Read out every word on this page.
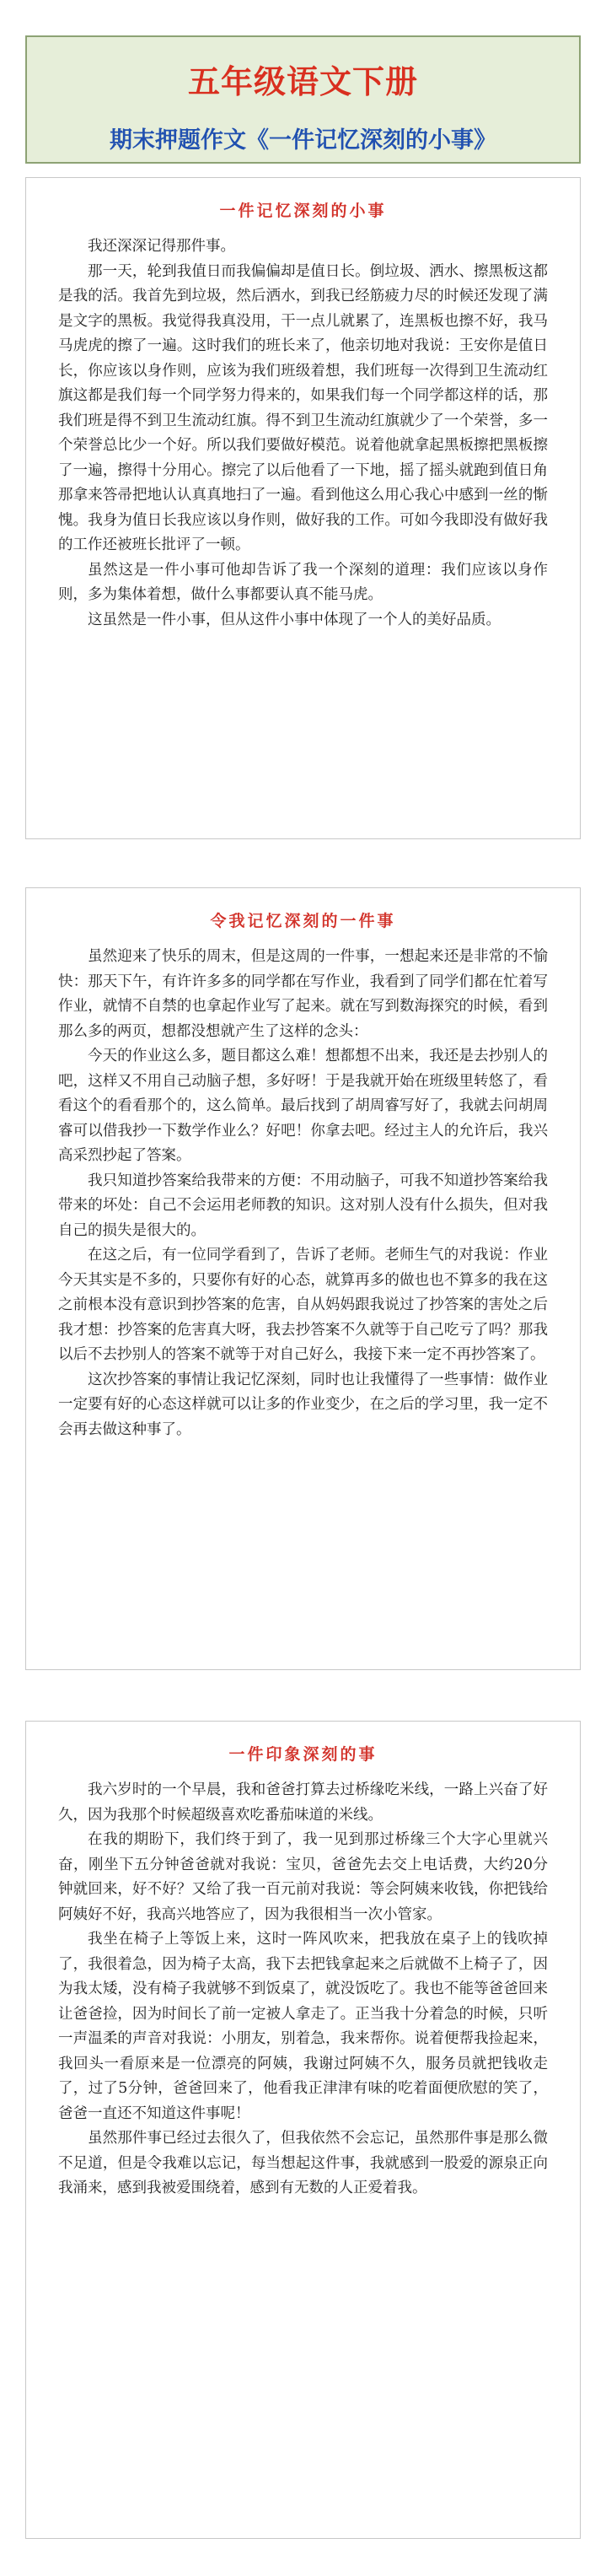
五年级语文下册
期末押题作文《一件记忆深刻的小事》
一件记忆深刻的小事

我还深深记得那件事。

那一天，轮到我值日而我偏偏却是值日长。倒垃圾、洒水、擦黑板这都是我的活。我首先到垃圾，然后洒水，到我已经筋疲力尽的时候还发现了满是文字的黑板。我觉得我真没用，干一点儿就累了，连黑板也擦不好，我马马虎虎的擦了一遍。这时我们的班长来了，他亲切地对我说：王安你是值日长，你应该以身作则，应该为我们班级着想，我们班每一次得到卫生流动红旗这都是我们每一个同学努力得来的，如果我们每一个同学都这样的话，那我们班是得不到卫生流动红旗。得不到卫生流动红旗就少了一个荣誉，多一个荣誉总比少一个好。所以我们要做好模范。说着他就拿起黑板擦把黑板擦了一遍，擦得十分用心。擦完了以后他看了一下地，摇了摇头就跑到值日角那拿来答帚把地认认真真地扫了一遍。看到他这么用心我心中感到一丝的惭愧。我身为值日长我应该以身作则，做好我的工作。可如今我即没有做好我的工作还被班长批评了一顿。

虽然这是一件小事可他却告诉了我一个深刻的道理：我们应该以身作则，多为集体着想，做什么事都要认真不能马虎。

这虽然是一件小事，但从这件小事中体现了一个人的美好品质。

令我记忆深刻的一件事

虽然迎来了快乐的周末，但是这周的一件事，一想起来还是非常的不愉快：那天下午，有许许多多的同学都在写作业，我看到了同学们都在忙着写作业，就情不自禁的也拿起作业写了起来。就在写到数海探究的时候，看到那么多的两页，想都没想就产生了这样的念头：

今天的作业这么多，题目都这么难！想都想不出来，我还是去抄别人的吧，这样又不用自己动脑子想，多好呀！于是我就开始在班级里转悠了，看看这个的看看那个的，这么简单。最后找到了胡周睿写好了，我就去问胡周睿可以借我抄一下数学作业么？好吧！你拿去吧。经过主人的允许后，我兴高采烈抄起了答案。

我只知道抄答案给我带来的方便：不用动脑子，可我不知道抄答案给我带来的坏处：自己不会运用老师教的知识。这对别人没有什么损失，但对我自己的损失是很大的。

在这之后，有一位同学看到了，告诉了老师。老师生气的对我说：作业今天其实是不多的，只要你有好的心态，就算再多的做也也不算多的我在这之前根本没有意识到抄答案的危害，自从妈妈跟我说过了抄答案的害处之后我才想：抄答案的危害真大呀，我去抄答案不久就等于自己吃亏了吗？那我以后不去抄别人的答案不就等于对自己好么，我接下来一定不再抄答案了。

这次抄答案的事情让我记忆深刻，同时也让我懂得了一些事情：做作业一定要有好的心态这样就可以让多的作业变少，在之后的学习里，我一定不会再去做这种事了。

一件印象深刻的事

我六岁时的一个早晨，我和爸爸打算去过桥缘吃米线，一路上兴奋了好久，因为我那个时候超级喜欢吃番茄味道的米线。

在我的期盼下，我们终于到了，我一见到那过桥缘三个大字心里就兴奋，刚坐下五分钟爸爸就对我说：宝贝，爸爸先去交上电话费，大约20分钟就回来，好不好？又给了我一百元前对我说：等会阿姨来收钱，你把钱给阿姨好不好，我高兴地答应了，因为我很相当一次小管家。

我坐在椅子上等饭上来，这时一阵风吹来，把我放在桌子上的钱吹掉了，我很着急，因为椅子太高，我下去把钱拿起来之后就做不上椅子了，因为我太矮，没有椅子我就够不到饭桌了，就没饭吃了。我也不能等爸爸回来让爸爸捡，因为时间长了前一定被人拿走了。正当我十分着急的时候，只听一声温柔的声音对我说：小朋友，别着急，我来帮你。说着便帮我捡起来，我回头一看原来是一位漂亮的阿姨，我谢过阿姨不久，服务员就把钱收走了，过了5分钟，爸爸回来了，他看我正津津有味的吃着面便欣慰的笑了，爸爸一直还不知道这件事呢！

虽然那件事已经过去很久了，但我依然不会忘记，虽然那件事是那么微不足道，但是令我难以忘记，每当想起这件事，我就感到一股爱的源泉正向我涌来，感到我被爱围绕着，感到有无数的人正爱着我。
